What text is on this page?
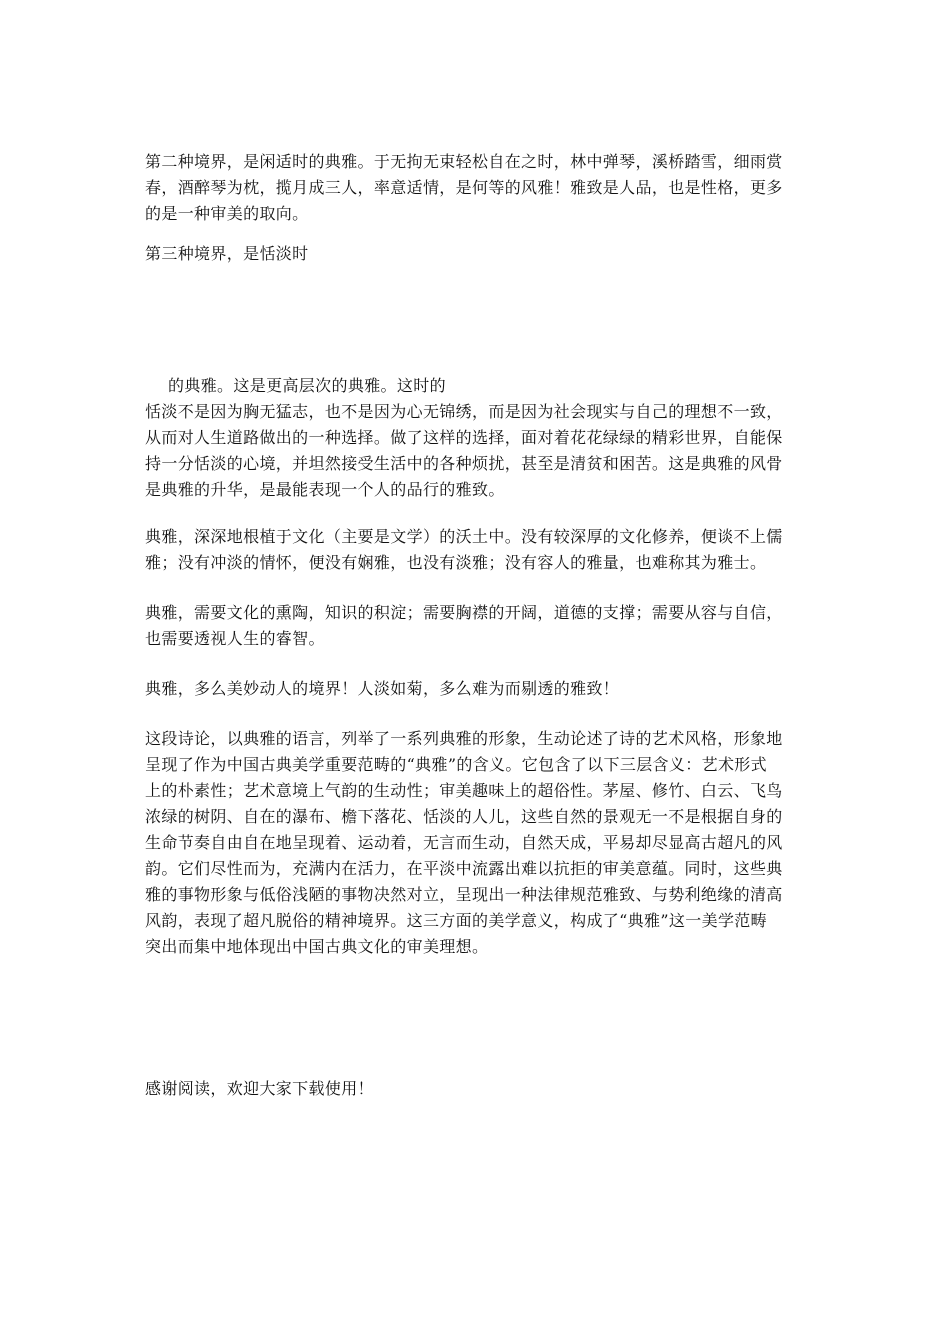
第二种境界，是闲适时的典雅。于无拘无束轻松自在之时，林中弹琴，溪桥踏雪，细雨赏
春，酒醉琴为枕，揽月成三人，率意适情，是何等的风雅！雅致是人品，也是性格，更多
的是一种审美的取向。

第三种境界，是恬淡时

的典雅。这是更高层次的典雅。这时的
恬淡不是因为胸无猛志，也不是因为心无锦绣，而是因为社会现实与自己的理想不一致，
从而对人生道路做出的一种选择。做了这样的选择，面对着花花绿绿的精彩世界，自能保
持一分恬淡的心境，并坦然接受生活中的各种烦扰，甚至是清贫和困苦。这是典雅的风骨
是典雅的升华，是最能表现一个人的品行的雅致。

典雅，深深地根植于文化（主要是文学）的沃土中。没有较深厚的文化修养，便谈不上儒
雅；没有冲淡的情怀，便没有娴雅，也没有淡雅；没有容人的雅量，也难称其为雅士。

典雅，需要文化的熏陶，知识的积淀；需要胸襟的开阔，道德的支撑；需要从容与自信，
也需要透视人生的睿智。

典雅，多么美妙动人的境界！人淡如菊，多么难为而剔透的雅致！

这段诗论，以典雅的语言，列举了一系列典雅的形象，生动论述了诗的艺术风格，形象地
呈现了作为中国古典美学重要范畴的“典雅”的含义。它包含了以下三层含义：艺术形式
上的朴素性；艺术意境上气韵的生动性；审美趣味上的超俗性。茅屋、修竹、白云、飞鸟
浓绿的树阴、自在的瀑布、檐下落花、恬淡的人儿，这些自然的景观无一不是根据自身的
生命节奏自由自在地呈现着、运动着，无言而生动，自然天成，平易却尽显高古超凡的风
韵。它们尽性而为，充满内在活力，在平淡中流露出难以抗拒的审美意蕴。同时，这些典
雅的事物形象与低俗浅陋的事物决然对立，呈现出一种法律规范雅致、与势利绝缘的清高
风韵，表现了超凡脱俗的精神境界。这三方面的美学意义，构成了“典雅”这一美学范畴
突出而集中地体现出中国古典文化的审美理想。

感谢阅读，欢迎大家下载使用！
